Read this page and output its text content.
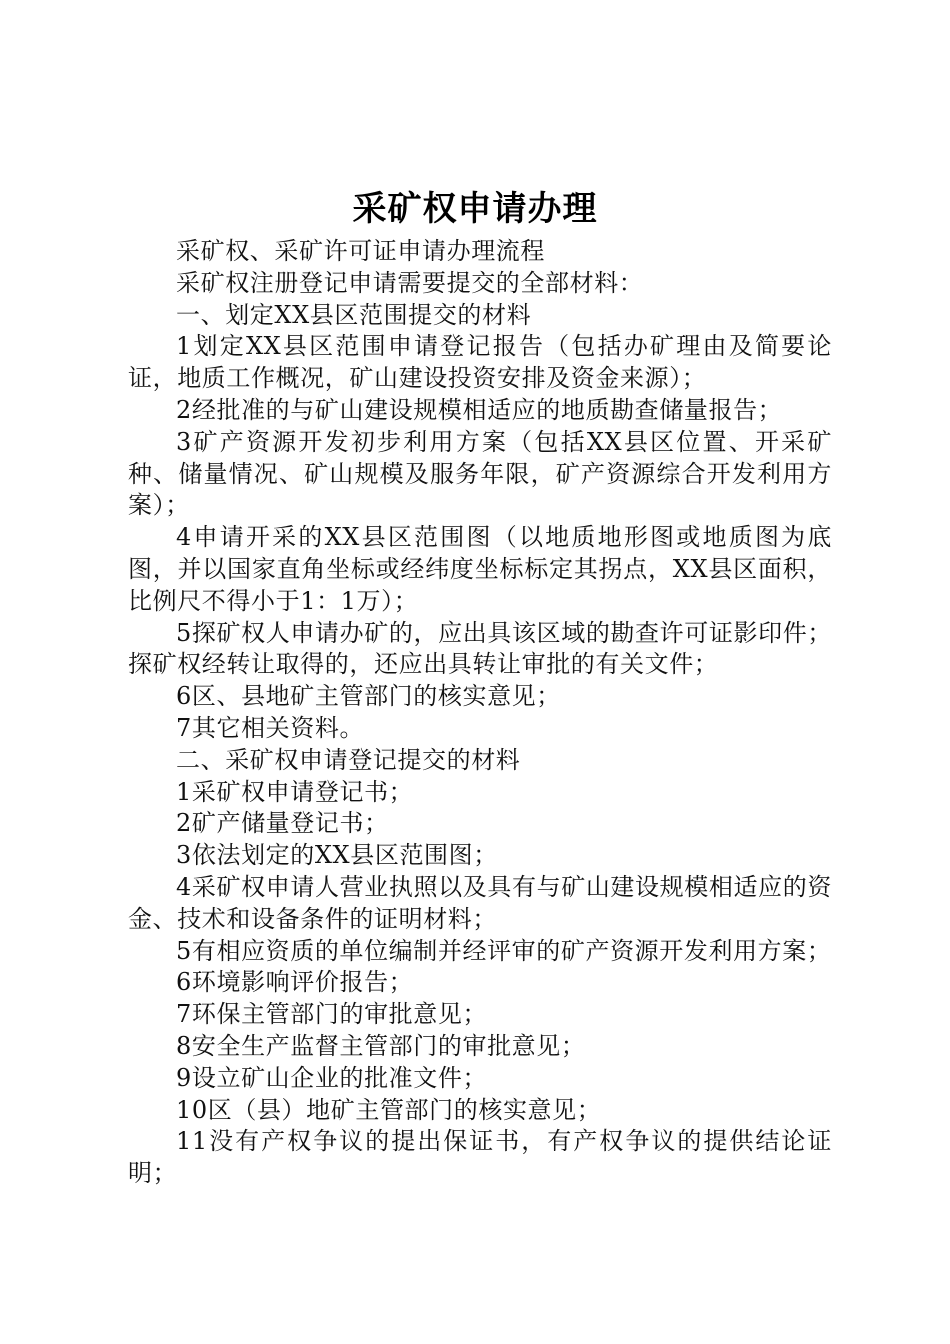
采矿权申请办理

采矿权、采矿许可证申请办理流程

采矿权注册登记申请需要提交的全部材料：

一、划定XX县区范围提交的材料

1划定XX县区范围申请登记报告（包括办矿理由及简要论证，地质工作概况，矿山建设投资安排及资金来源）；

2经批准的与矿山建设规模相适应的地质勘查储量报告；

3矿产资源开发初步利用方案（包括XX县区位置、开采矿种、储量情况、矿山规模及服务年限，矿产资源综合开发利用方案）；

4申请开采的XX县区范围图（以地质地形图或地质图为底图，并以国家直角坐标或经纬度坐标标定其拐点，XX县区面积，比例尺不得小于1：1万）；

5探矿权人申请办矿的，应出具该区域的勘查许可证影印件；探矿权经转让取得的，还应出具转让审批的有关文件；

6区、县地矿主管部门的核实意见；

7其它相关资料。

二、采矿权申请登记提交的材料

1采矿权申请登记书；

2矿产储量登记书；

3依法划定的XX县区范围图；

4采矿权申请人营业执照以及具有与矿山建设规模相适应的资金、技术和设备条件的证明材料；

5有相应资质的单位编制并经评审的矿产资源开发利用方案；

6环境影响评价报告；

7环保主管部门的审批意见；

8安全生产监督主管部门的审批意见；

9设立矿山企业的批准文件；

10区（县）地矿主管部门的核实意见；

11没有产权争议的提出保证书，有产权争议的提供结论证明；
